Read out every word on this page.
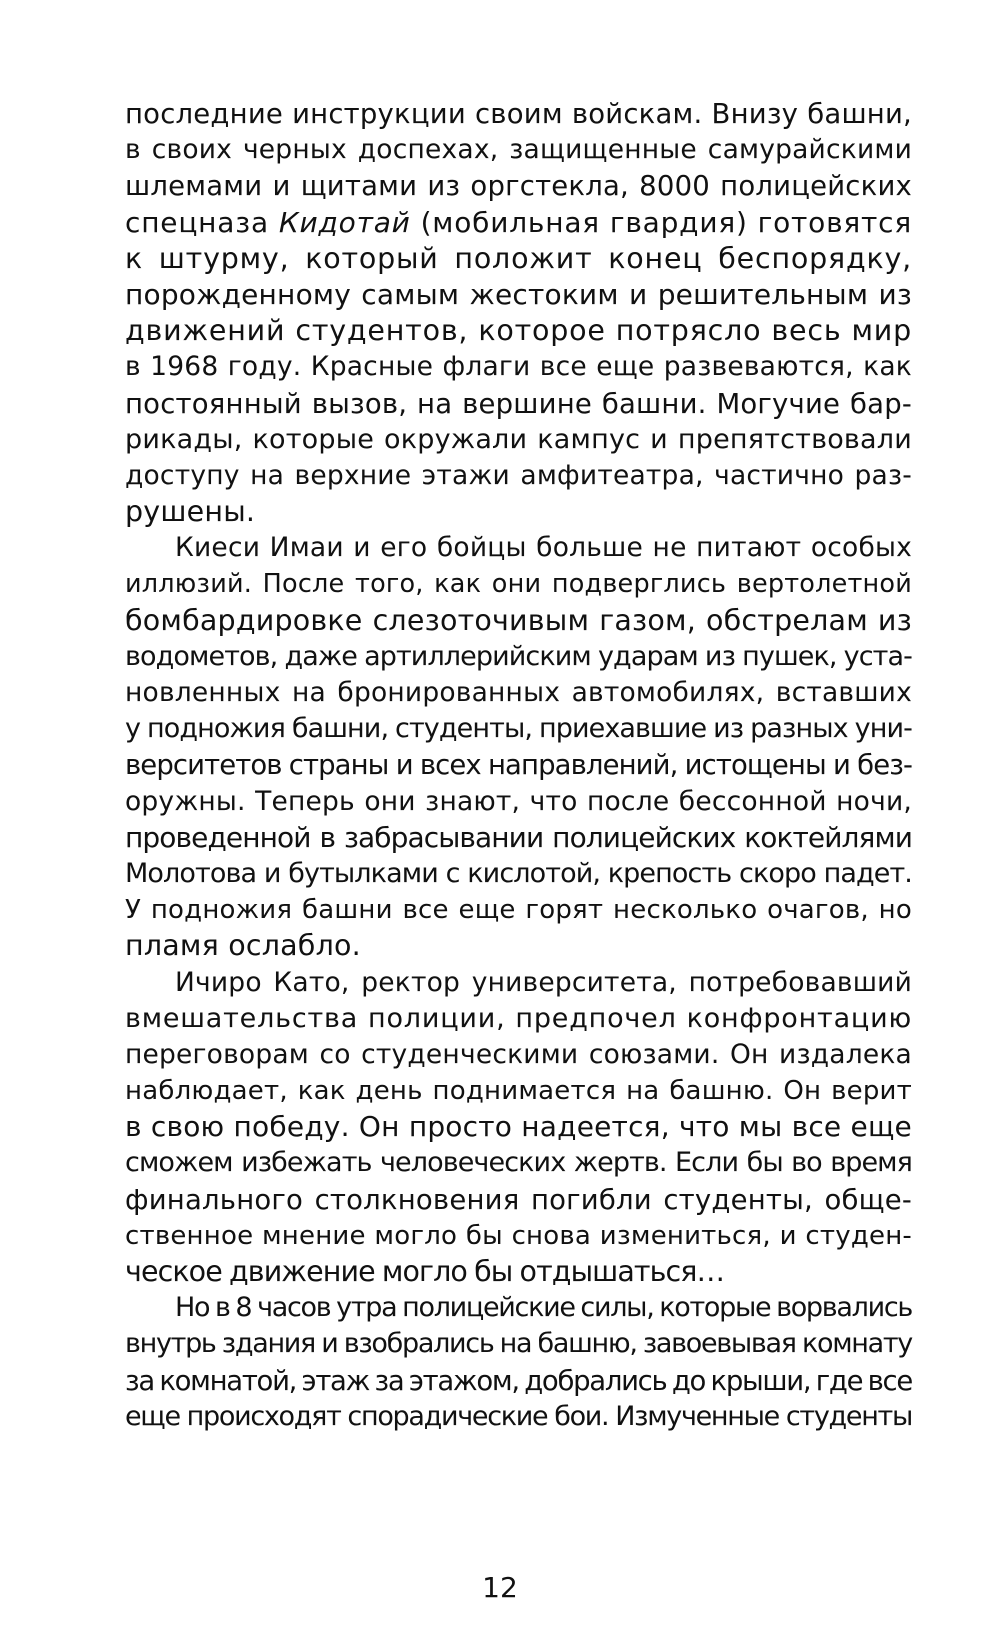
последние инструкции своим войскам. Внизу башни,
в своих черных доспехах, защищенные самурайскими
шлемами и щитами из оргстекла, 8000 полицейских
спецназа Кидотай (мобильная гвардия) готовятся
к штурму, который положит конец беспорядку,
порожденному самым жестоким и решительным из
движений студентов, которое потрясло весь мир
в 1968 году. Красные флаги все еще развеваются, как
постоянный вызов, на вершине башни. Могучие бар-
рикады, которые окружали кампус и препятствовали
доступу на верхние этажи амфитеатра, частично раз-
рушены.

Киеси Имаи и его бойцы больше не питают особых
иллюзий. После того, как они подверглись вертолетной
бомбардировке слезоточивым газом, обстрелам из
водометов, даже артиллерийским ударам из пушек, уста-
новленных на бронированных автомобилях, вставших
у подножия башни, студенты, приехавшие из разных уни-
верситетов страны и всех направлений, истощены и без-
оружны. Теперь они знают, что после бессонной ночи,
проведенной в забрасывании полицейских коктейлями
Молотова и бутылками с кислотой, крепость скоро падет.
У подножия башни все еще горят несколько очагов, но
пламя ослабло.

Ичиро Като, ректор университета, потребовавший
вмешательства полиции, предпочел конфронтацию
переговорам со студенческими союзами. Он издалека
наблюдает, как день поднимается на башню. Он верит
в свою победу. Он просто надеется, что мы все еще
сможем избежать человеческих жертв. Если бы во время
финального столкновения погибли студенты, обще-
ственное мнение могло бы снова измениться, и студен-
ческое движение могло бы отдышаться…

Но в 8 часов утра полицейские силы, которые ворвались
внутрь здания и взобрались на башню, завоевывая комнату
за комнатой, этаж за этажом, добрались до крыши, где все
еще происходят спорадические бои. Измученные студенты

12
